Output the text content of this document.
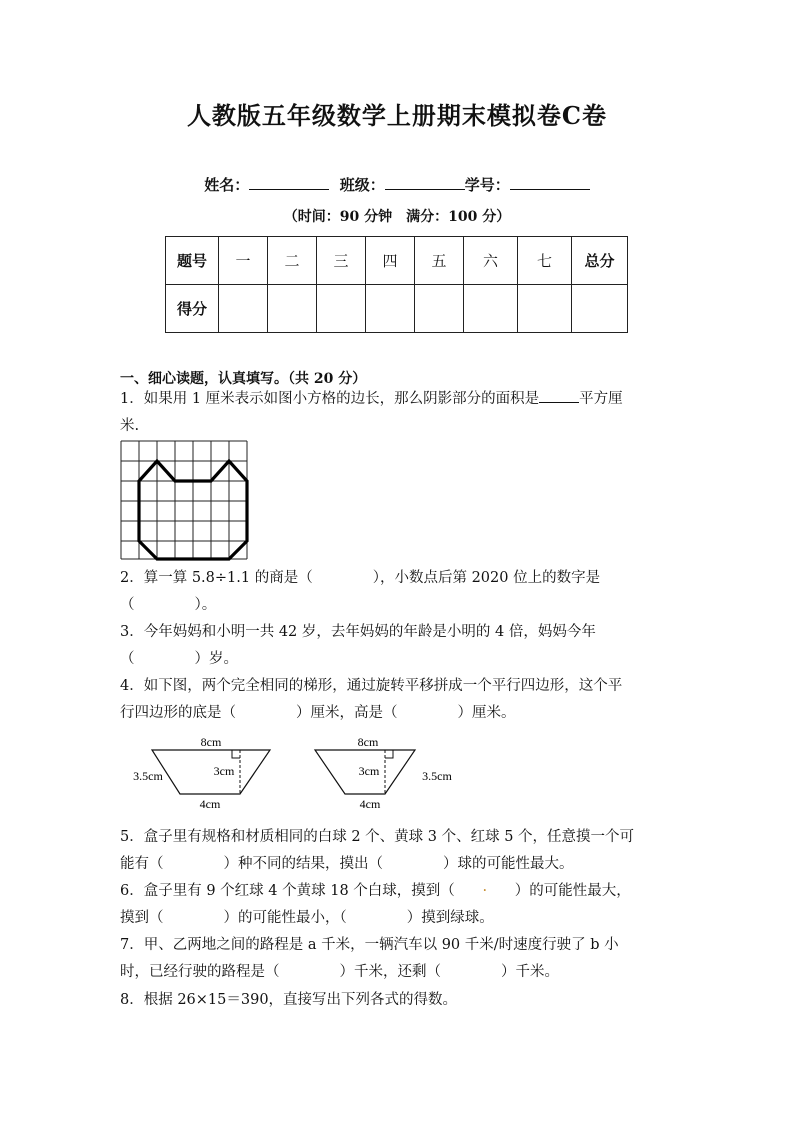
人教版五年级数学上册期末模拟卷C卷
姓名：	班级：	学号：
（时间：90 分钟　满分：100 分）
题号	一	二	三	四	五	六	七	总分
得分								
一、细心读题，认真填写。（共 20 分）
1．如果用 1 厘米表示如图小方格的边长，那么阴影部分的面积是	平方厘
米.
2．算一算 5.8÷1.1 的商是（	），小数点后第 2020 位上的数字是
（	）。
3．今年妈妈和小明一共 42 岁，去年妈妈的年龄是小明的 4 倍，妈妈今年
（	）岁。
4．如下图，两个完全相同的梯形，通过旋转平移拼成一个平行四边形，这个平
行四边形的底是（	）厘米，高是（	）厘米。
8cm
4cm
3cm
3.5cm
8cm
4cm
3cm	3.5cm
5．盒子里有规格和材质相同的白球 2 个、黄球 3 个、红球 5 个，任意摸一个可
能有（	）种不同的结果，摸出（	）球的可能性最大。
6．盒子里有 9 个红球 4 个黄球 18 个白球，摸到（ · ）的可能性最大，
摸到（	）的可能性最小，（	）摸到绿球。
7．甲、乙两地之间的路程是 a 千米，一辆汽车以 90 千米/时速度行驶了 b 小
时，已经行驶的路程是（	）千米，还剩（	）千米。
8．根据 26×15＝390，直接写出下列各式的得数。
